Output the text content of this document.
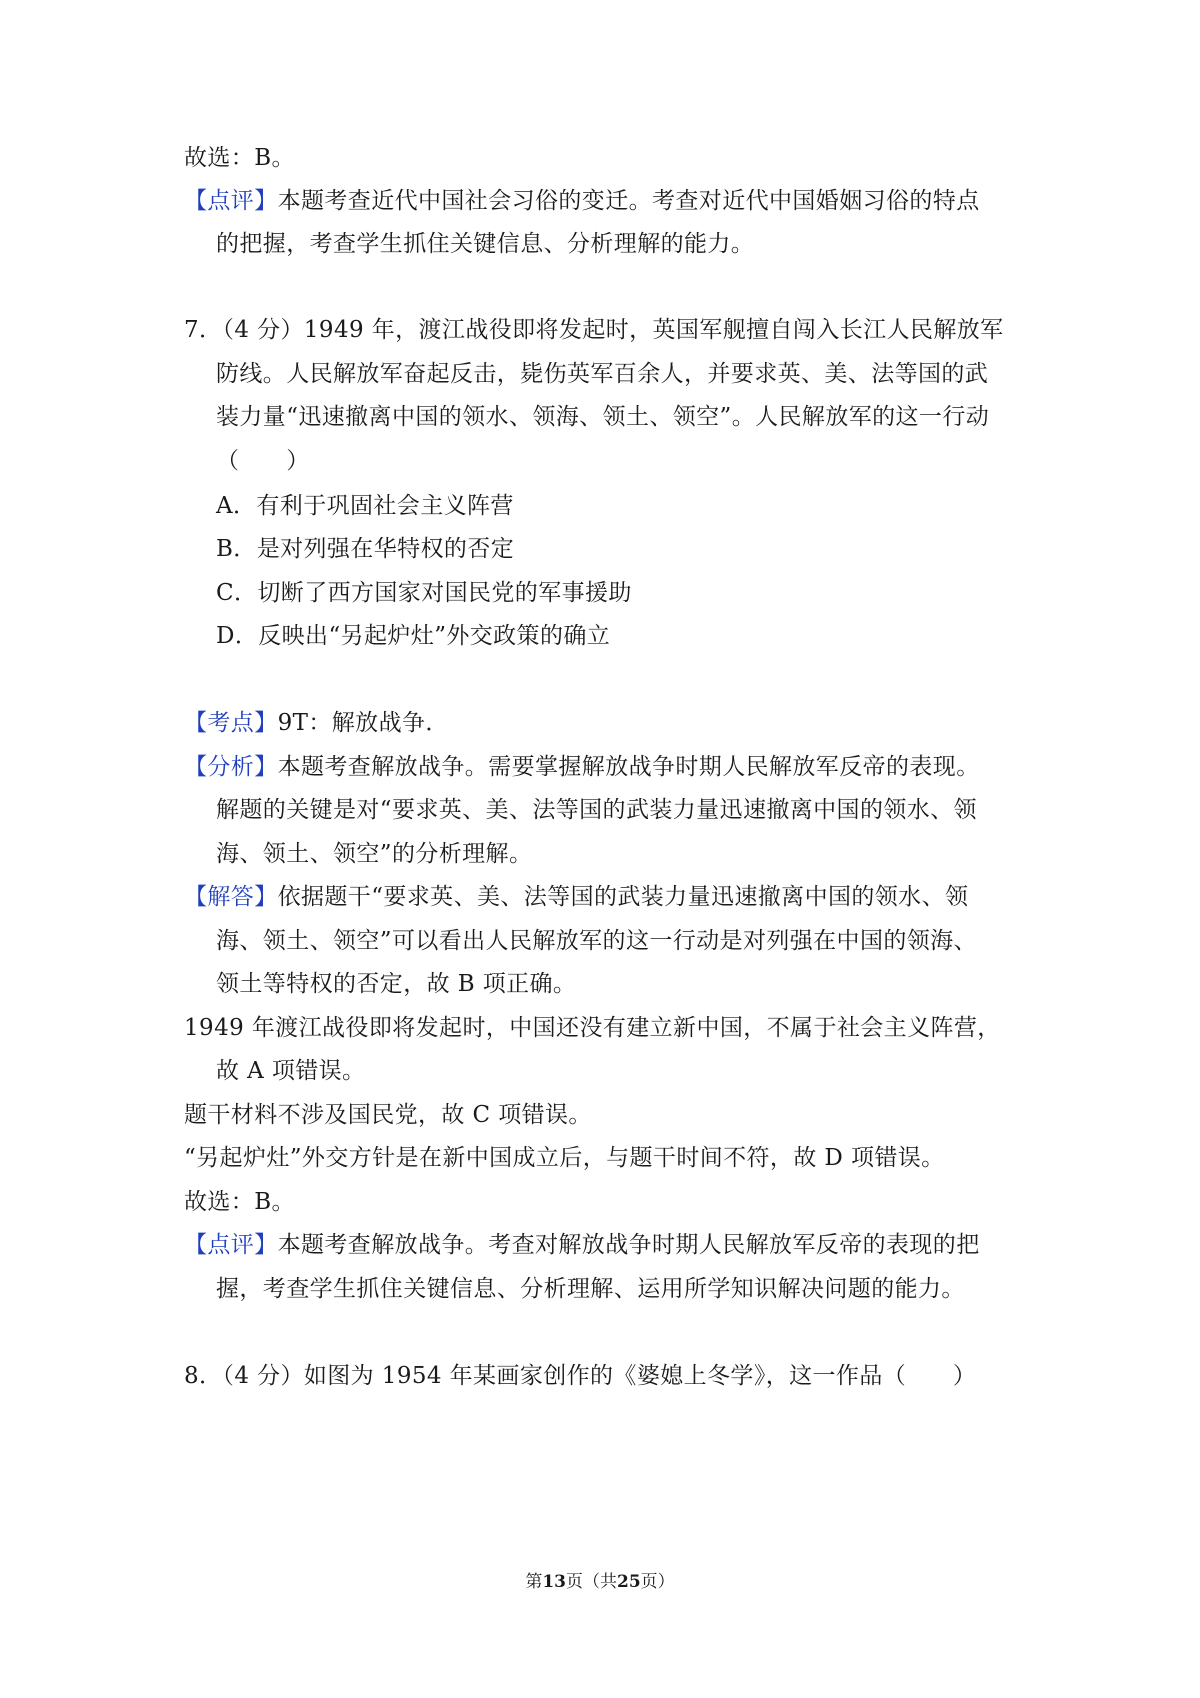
故选：B。
【点评】本题考查近代中国社会习俗的变迁。考查对近代中国婚姻习俗的特点
的把握，考查学生抓住关键信息、分析理解的能力。
7．（4 分）1949 年，渡江战役即将发起时，英国军舰擅自闯入长江人民解放军
防线。人民解放军奋起反击，毙伤英军百余人，并要求英、美、法等国的武
装力量“迅速撤离中国的领水、领海、领土、领空”。人民解放军的这一行动
（　　）
A．有利于巩固社会主义阵营
B．是对列强在华特权的否定
C．切断了西方国家对国民党的军事援助
D．反映出“另起炉灶”外交政策的确立
【考点】9T：解放战争．
【分析】本题考查解放战争。需要掌握解放战争时期人民解放军反帝的表现。
解题的关键是对“要求英、美、法等国的武装力量迅速撤离中国的领水、领
海、领土、领空”的分析理解。
【解答】依据题干“要求英、美、法等国的武装力量迅速撤离中国的领水、领
海、领土、领空”可以看出人民解放军的这一行动是对列强在中国的领海、
领土等特权的否定，故 B 项正确。
1949 年渡江战役即将发起时，中国还没有建立新中国，不属于社会主义阵营，
故 A 项错误。
题干材料不涉及国民党，故 C 项错误。
“另起炉灶”外交方针是在新中国成立后，与题干时间不符，故 D 项错误。
故选：B。
【点评】本题考查解放战争。考查对解放战争时期人民解放军反帝的表现的把
握，考查学生抓住关键信息、分析理解、运用所学知识解决问题的能力。
8．（4 分）如图为 1954 年某画家创作的《婆媳上冬学》，这一作品（　　）
第13页（共25页）
